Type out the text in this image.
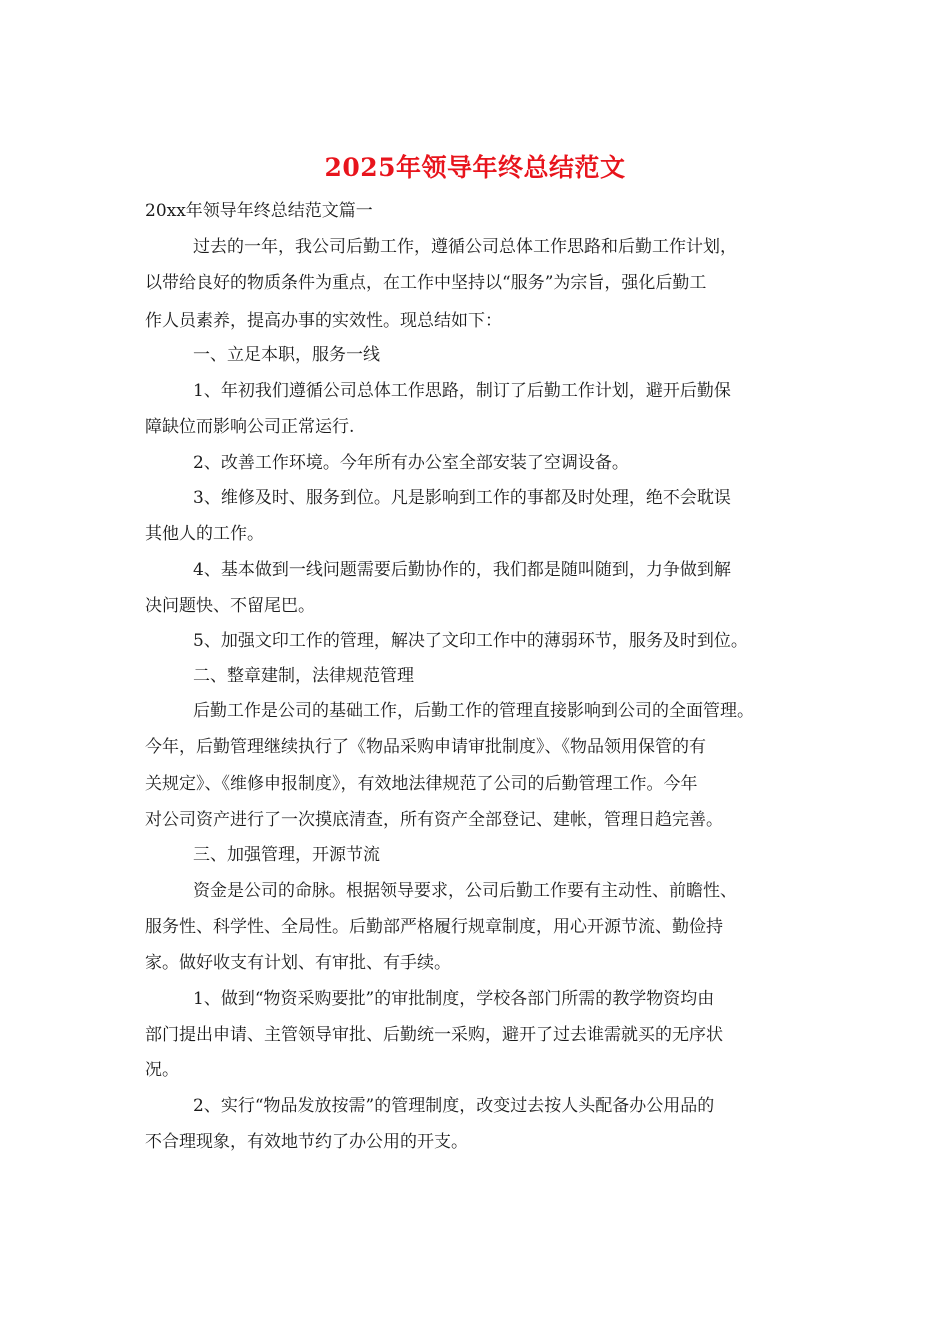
2025年领导年终总结范文
20xx年领导年终总结范文篇一
过去的一年，我公司后勤工作，遵循公司总体工作思路和后勤工作计划，
以带给良好的物质条件为重点，在工作中坚持以“服务”为宗旨，强化后勤工
作人员素养，提高办事的实效性。现总结如下：
一、立足本职，服务一线
1、年初我们遵循公司总体工作思路，制订了后勤工作计划，避开后勤保
障缺位而影响公司正常运行.
2、改善工作环境。今年所有办公室全部安装了空调设备。
3、维修及时、服务到位。凡是影响到工作的事都及时处理，绝不会耽误
其他人的工作。
4、基本做到一线问题需要后勤协作的，我们都是随叫随到，力争做到解
决问题快、不留尾巴。
5、加强文印工作的管理，解决了文印工作中的薄弱环节，服务及时到位。
二、整章建制，法律规范管理
后勤工作是公司的基础工作，后勤工作的管理直接影响到公司的全面管理。
今年，后勤管理继续执行了《物品采购申请审批制度》、《物品领用保管的有
关规定》、《维修申报制度》，有效地法律规范了公司的后勤管理工作。今年
对公司资产进行了一次摸底清查，所有资产全部登记、建帐，管理日趋完善。
三、加强管理，开源节流
资金是公司的命脉。根据领导要求，公司后勤工作要有主动性、前瞻性、
服务性、科学性、全局性。后勤部严格履行规章制度，用心开源节流、勤俭持
家。做好收支有计划、有审批、有手续。
1、做到“物资采购要批”的审批制度，学校各部门所需的教学物资均由
部门提出申请、主管领导审批、后勤统一采购，避开了过去谁需就买的无序状
况。
2、实行“物品发放按需”的管理制度，改变过去按人头配备办公用品的
不合理现象，有效地节约了办公用的开支。
